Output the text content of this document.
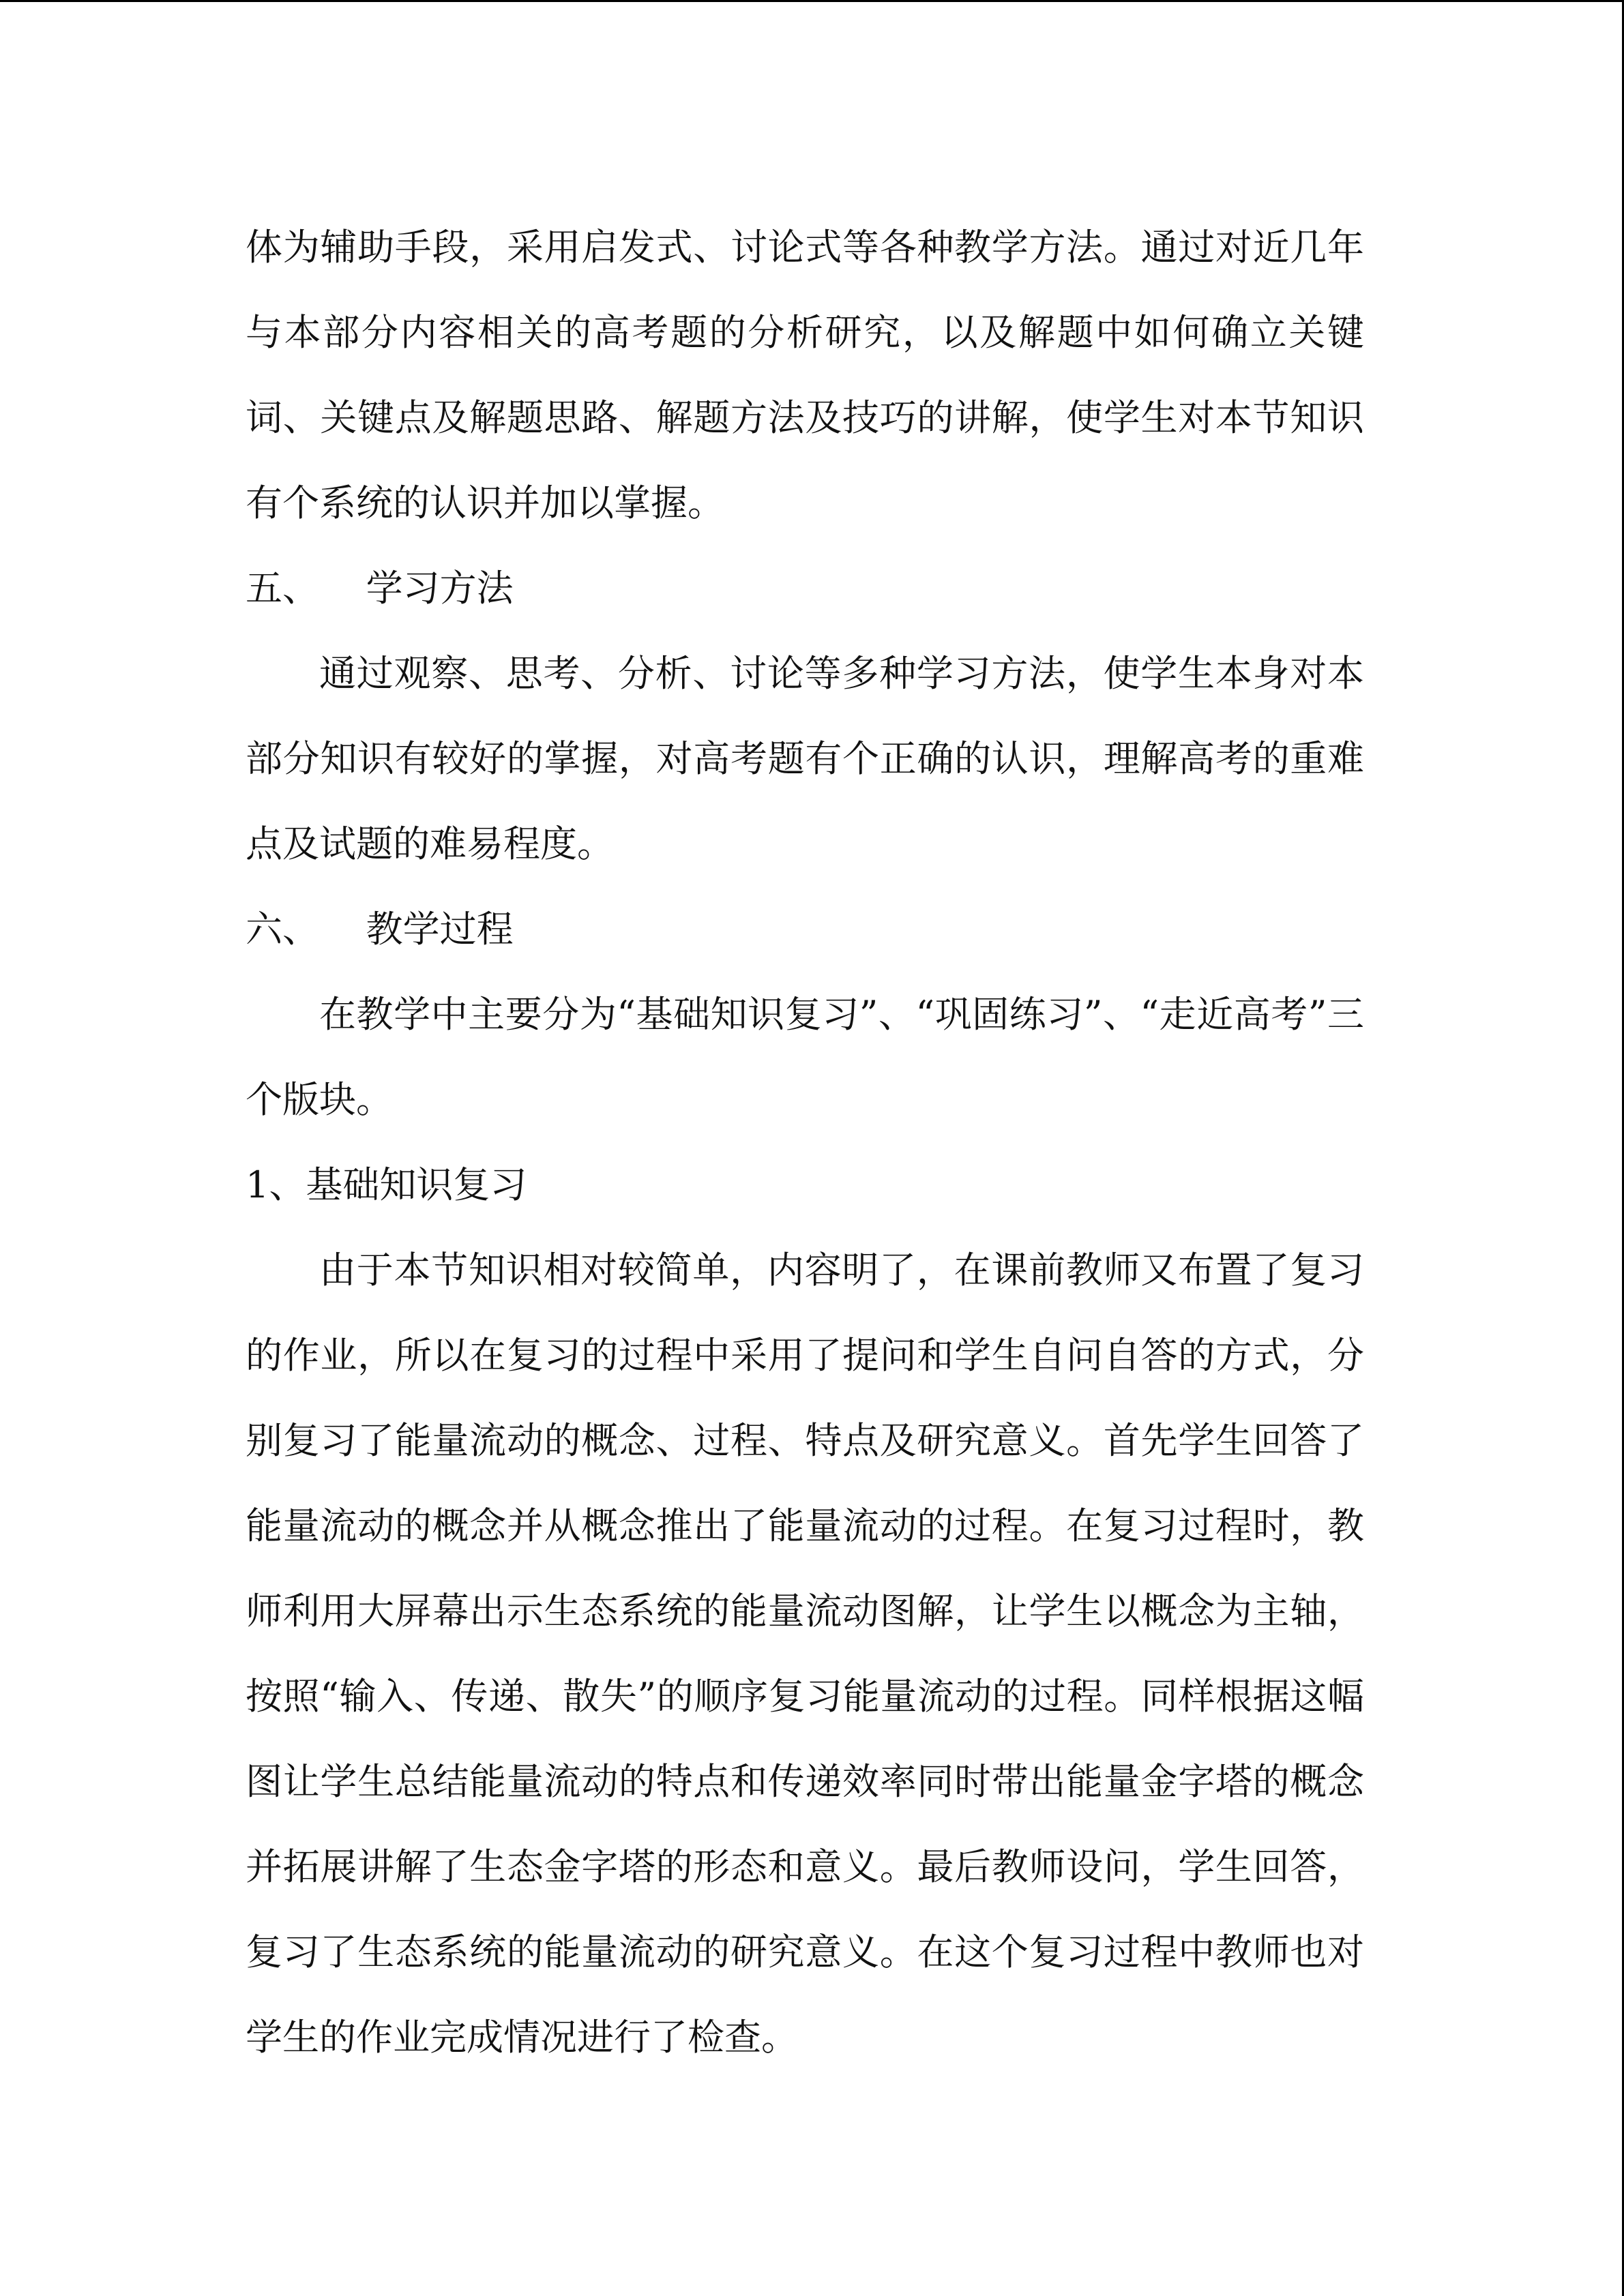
体为辅助手段，采用启发式、讨论式等各种教学方法。通过对近几年与本部分内容相关的高考题的分析研究，以及解题中如何确立关键词、关键点及解题思路、解题方法及技巧的讲解，使学生对本节知识有个系统的认识并加以掌握。

五、    学习方法

通过观察、思考、分析、讨论等多种学习方法，使学生本身对本部分知识有较好的掌握，对高考题有个正确的认识，理解高考的重难点及试题的难易程度。

六、    教学过程

在教学中主要分为“基础知识复习”、“巩固练习”、“走近高考”三个版块。

1、基础知识复习

由于本节知识相对较简单，内容明了，在课前教师又布置了复习的作业，所以在复习的过程中采用了提问和学生自问自答的方式，分别复习了能量流动的概念、过程、特点及研究意义。首先学生回答了能量流动的概念并从概念推出了能量流动的过程。在复习过程时，教师利用大屏幕出示生态系统的能量流动图解，让学生以概念为主轴，按照“输入、传递、散失”的顺序复习能量流动的过程。同样根据这幅图让学生总结能量流动的特点和传递效率同时带出能量金字塔的概念并拓展讲解了生态金字塔的形态和意义。最后教师设问，学生回答，复习了生态系统的能量流动的研究意义。在这个复习过程中教师也对学生的作业完成情况进行了检查。
